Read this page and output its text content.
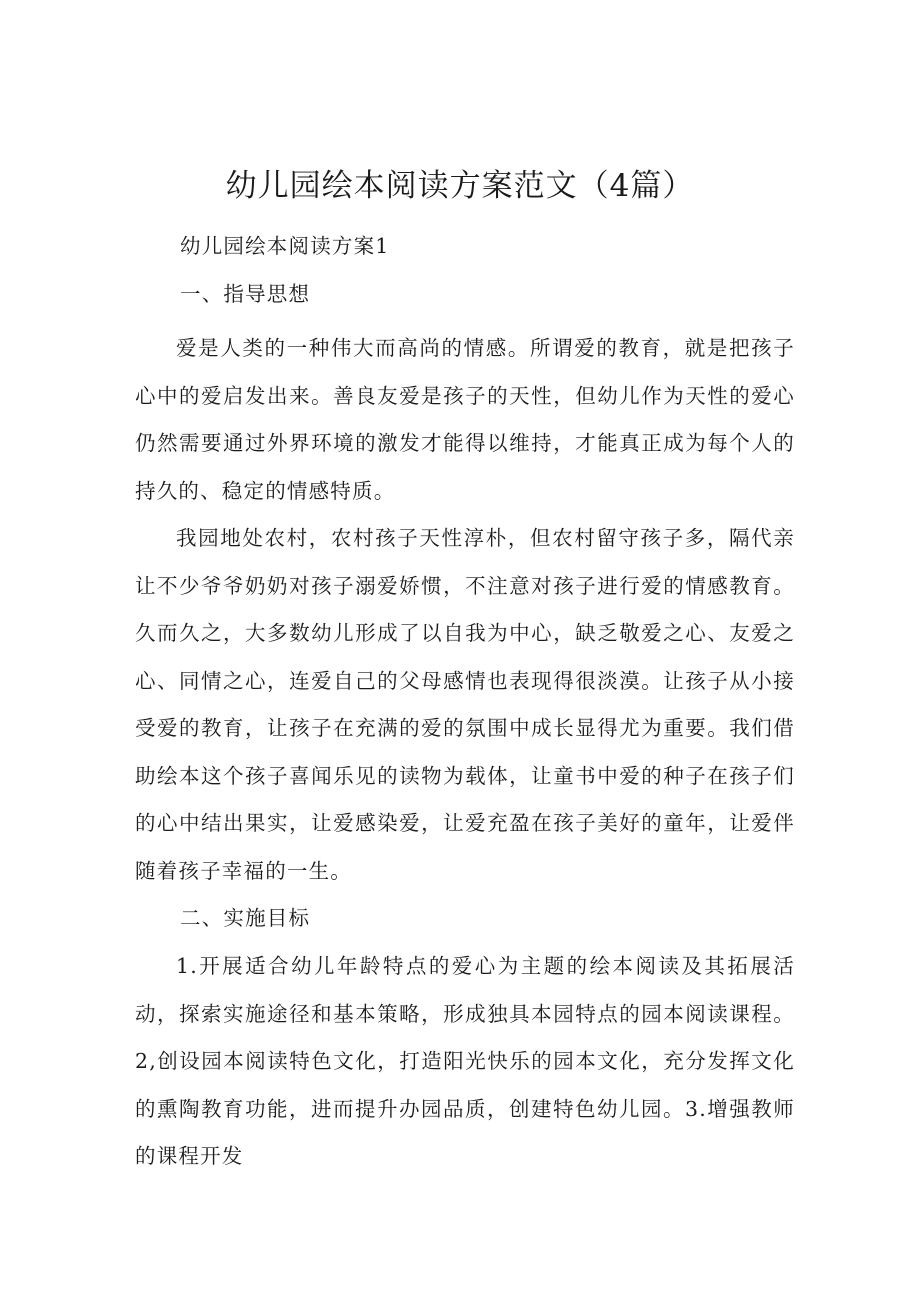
幼儿园绘本阅读方案范文（4篇）

幼儿园绘本阅读方案1

一、指导思想

爱是人类的一种伟大而高尚的情感。所谓爱的教育，就是把孩子心中的爱启发出来。善良友爱是孩子的天性，但幼儿作为天性的爱心仍然需要通过外界环境的激发才能得以维持，才能真正成为每个人的持久的、稳定的情感特质。

我园地处农村，农村孩子天性淳朴，但农村留守孩子多，隔代亲让不少爷爷奶奶对孩子溺爱娇惯，不注意对孩子进行爱的情感教育。久而久之，大多数幼儿形成了以自我为中心，缺乏敬爱之心、友爱之心、同情之心，连爱自己的父母感情也表现得很淡漠。让孩子从小接受爱的教育，让孩子在充满的爱的氛围中成长显得尤为重要。我们借助绘本这个孩子喜闻乐见的读物为载体，让童书中爱的种子在孩子们的心中结出果实，让爱感染爱，让爱充盈在孩子美好的童年，让爱伴随着孩子幸福的一生。

二、实施目标

1.开展适合幼儿年龄特点的爱心为主题的绘本阅读及其拓展活动，探索实施途径和基本策略，形成独具本园特点的园本阅读课程。2,创设园本阅读特色文化，打造阳光快乐的园本文化，充分发挥文化的熏陶教育功能，进而提升办园品质，创建特色幼儿园。3.增强教师的课程开发
